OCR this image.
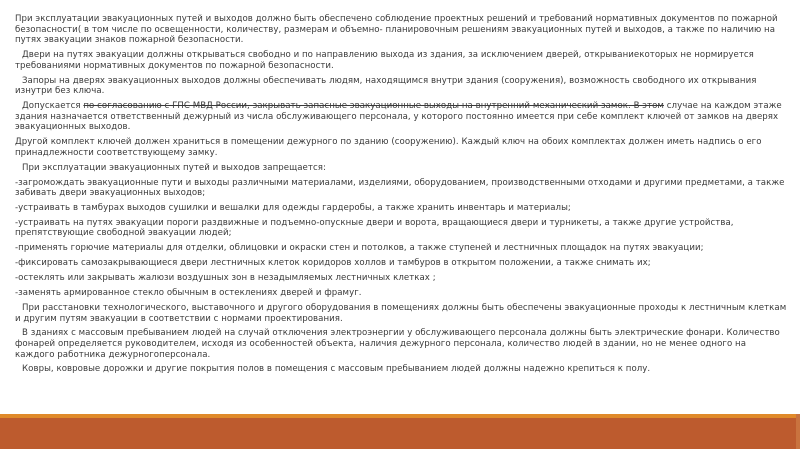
При эксплуатации эвакуационных путей и выходов должно быть обеспечено соблюдение проектных решений и требований нормативных документов по пожарной безопасности( в том числе по освещенности, количеству, размерам и объемно- планировочным решениям эвакуационных путей и выходов, а также по наличию на путях эвакуации знаков пожарной безопасности.

Двери на путях эвакуации должны открываться свободно и по направлению выхода из здания, за исключением дверей, открываниекоторых не нормируется требованиями нормативных документов по пожарной безопасности.

Запоры на дверях эвакуационных выходов должны обеспечивать людям, находящимся внутри здания (сооружения), возможность свободного их открывания изнутри без ключа.

Допускается по согласованию с ГПС МВД России, закрывать запасные эвакуационные выходы на внутренний механический замок. В этом случае на каждом этаже здания назначается ответственный дежурный из числа обслуживающего персонала, у которого постоянно имеется при себе комплект ключей от замков на дверях эвакуационных выходов.

Другой комплект ключей должен храниться в помещении дежурного по зданию (сооружению). Каждый ключ на обоих комплектах должен иметь надпись о его принадлежности соответствующему замку.

При эксплуатации эвакуационных путей и выходов запрещается:

-загромождать эвакуационные пути и выходы различными материалами, изделиями, оборудованием, производственными отходами и другими предметами, а также забивать двери эвакуационных выходов;

-устраивать в тамбурах выходов сушилки и вешалки для одежды гардеробы, а также хранить инвентарь и материалы;

-устраивать на путях эвакуации пороги раздвижные и подъемно-опускные двери и ворота, вращающиеся двери и турникеты, а также другие устройства, препятствующие свободной эвакуации людей;

-применять горючие материалы для отделки, облицовки и окраски стен и потолков, а также ступеней и лестничных площадок на путях эвакуации;

-фиксировать самозакрывающиеся двери лестничных клеток коридоров холлов и тамбуров в открытом положении, а также снимать их;

-остеклять или закрывать жалюзи воздушных зон в незадымляемых лестничных клетках ;

-заменять армированное стекло обычным в остеклениях дверей и фрамуг.

При расстановки технологического, выставочного и другого оборудования в помещениях должны быть обеспечены эвакуационные проходы к лестничным клеткам и другим путям эвакуации в соответствии с нормами проектирования.

В зданиях с массовым пребыванием людей на случай отключения электроэнергии у обслуживающего персонала должны быть электрические фонари. Количество фонарей определяется руководителем, исходя из особенностей объекта, наличия дежурного персонала, количество людей в здании, но не менее одного на каждого работника дежурногоперсонала.

Ковры, ковровые дорожки и другие покрытия полов в помещения с массовым пребыванием людей должны надежно крепиться к полу.
